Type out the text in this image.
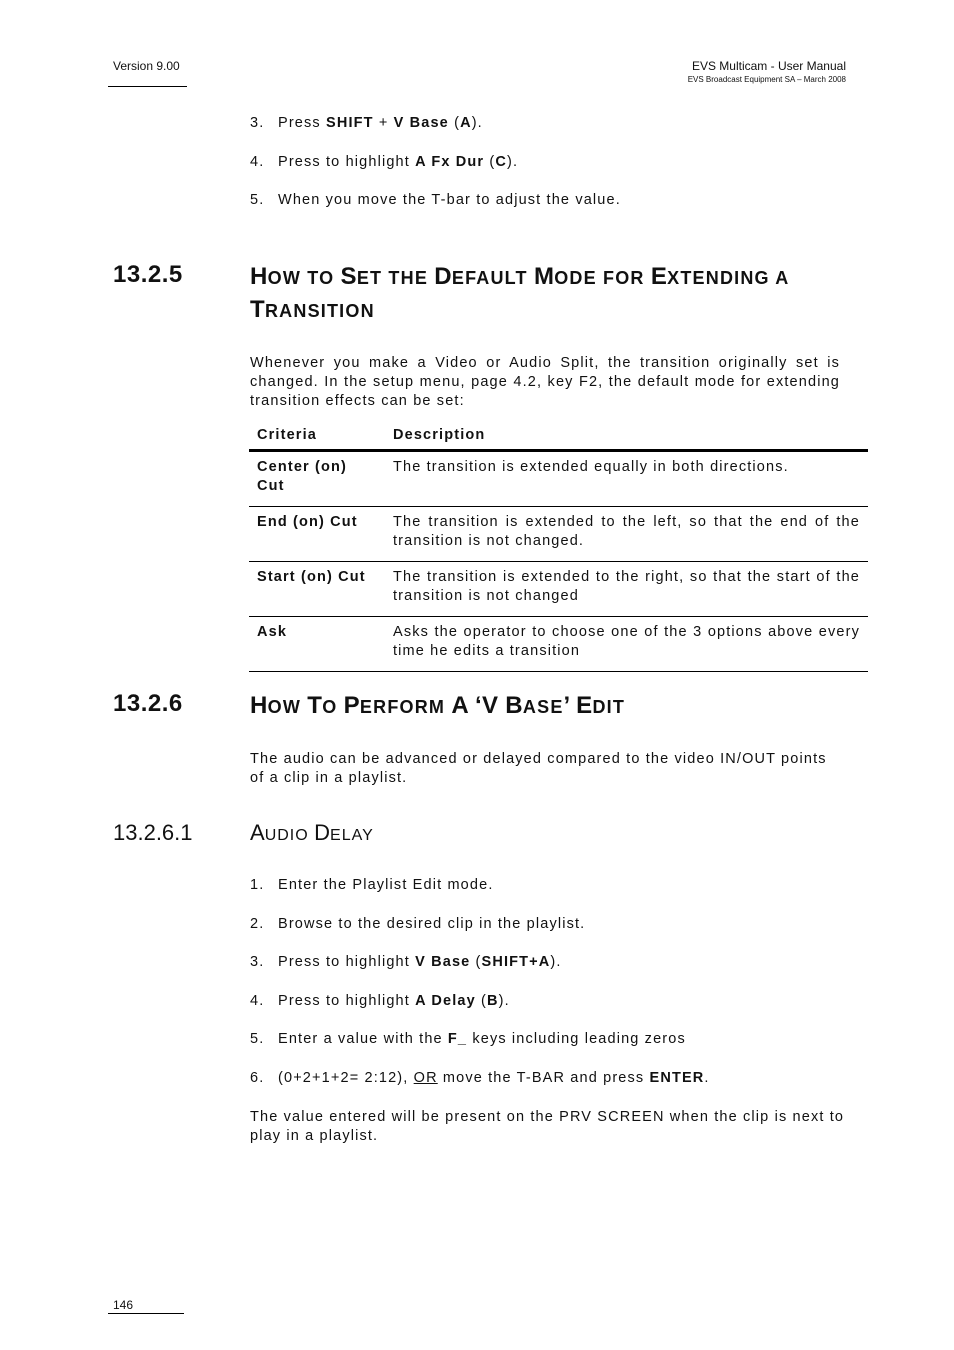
Version 9.00	EVS Multicam - User Manual
EVS Broadcast Equipment SA – March 2008
3. Press SHIFT + V Base (A).
4. Press to highlight A Fx Dur (C).
5. When you move the T-bar to adjust the value.
13.2.5	HOW TO SET THE DEFAULT MODE FOR EXTENDING A
TRANSITION
Whenever you make a Video or Audio Split, the transition originally set is changed. In the setup menu, page 4.2, key F2, the default mode for extending transition effects can be set:
Criteria	Description
Center (on) Cut	The transition is extended equally in both directions.
End (on) Cut	The transition is extended to the left, so that the end of the transition is not changed.
Start (on) Cut	The transition is extended to the right, so that the start of the transition is not changed
Ask	Asks the operator to choose one of the 3 options above every time he edits a transition
13.2.6	HOW TO PERFORM A ‘V BASE’ EDIT
The audio can be advanced or delayed compared to the video IN/OUT points of a clip in a playlist.
13.2.6.1	AUDIO DELAY
1. Enter the Playlist Edit mode.
2. Browse to the desired clip in the playlist.
3. Press to highlight V Base (SHIFT+A).
4. Press to highlight A Delay (B).
5. Enter a value with the F_ keys including leading zeros
6. (0+2+1+2= 2:12), OR move the T-BAR and press ENTER.
The value entered will be present on the PRV SCREEN when the clip is next to play in a playlist.
146
